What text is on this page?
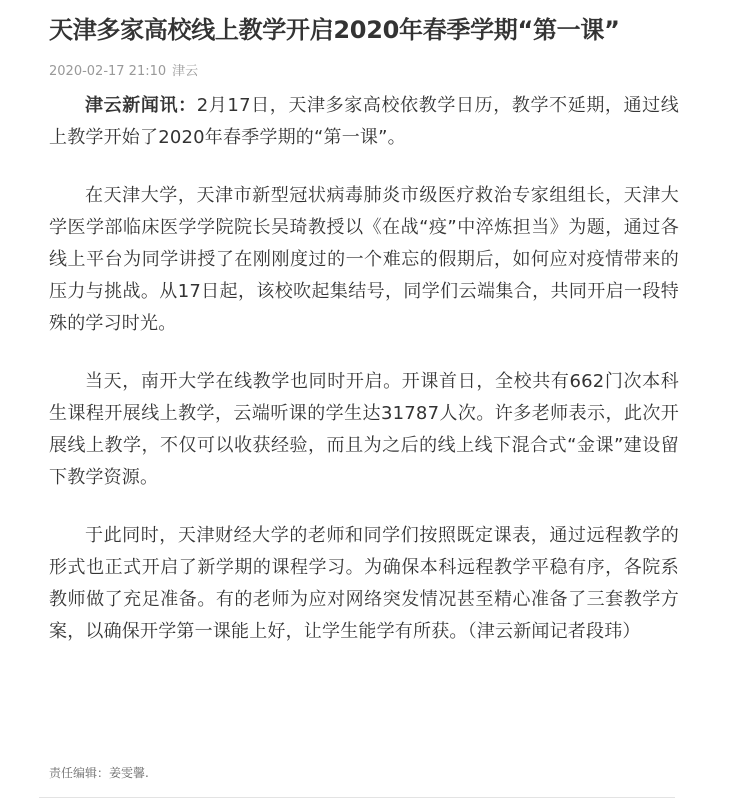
天津多家高校线上教学开启2020年春季学期“第一课”
2020-02-17 21:10 津云

津云新闻讯：2月17日，天津多家高校依教学日历，教学不延期，通过线上教学开始了2020年春季学期的“第一课”。

在天津大学，天津市新型冠状病毒肺炎市级医疗救治专家组组长，天津大学医学部临床医学学院院长吴琦教授以《在战“疫”中淬炼担当》为题，通过各线上平台为同学讲授了在刚刚度过的一个难忘的假期后，如何应对疫情带来的压力与挑战。从17日起，该校吹起集结号，同学们云端集合，共同开启一段特殊的学习时光。

当天，南开大学在线教学也同时开启。开课首日，全校共有662门次本科生课程开展线上教学，云端听课的学生达31787人次。许多老师表示，此次开展线上教学，不仅可以收获经验，而且为之后的线上线下混合式“金课”建设留下教学资源。

于此同时，天津财经大学的老师和同学们按照既定课表，通过远程教学的形式也正式开启了新学期的课程学习。为确保本科远程教学平稳有序，各院系教师做了充足准备。有的老师为应对网络突发情况甚至精心准备了三套教学方案，以确保开学第一课能上好，让学生能学有所获。（津云新闻记者段玮）

责任编辑：姜雯馨.
